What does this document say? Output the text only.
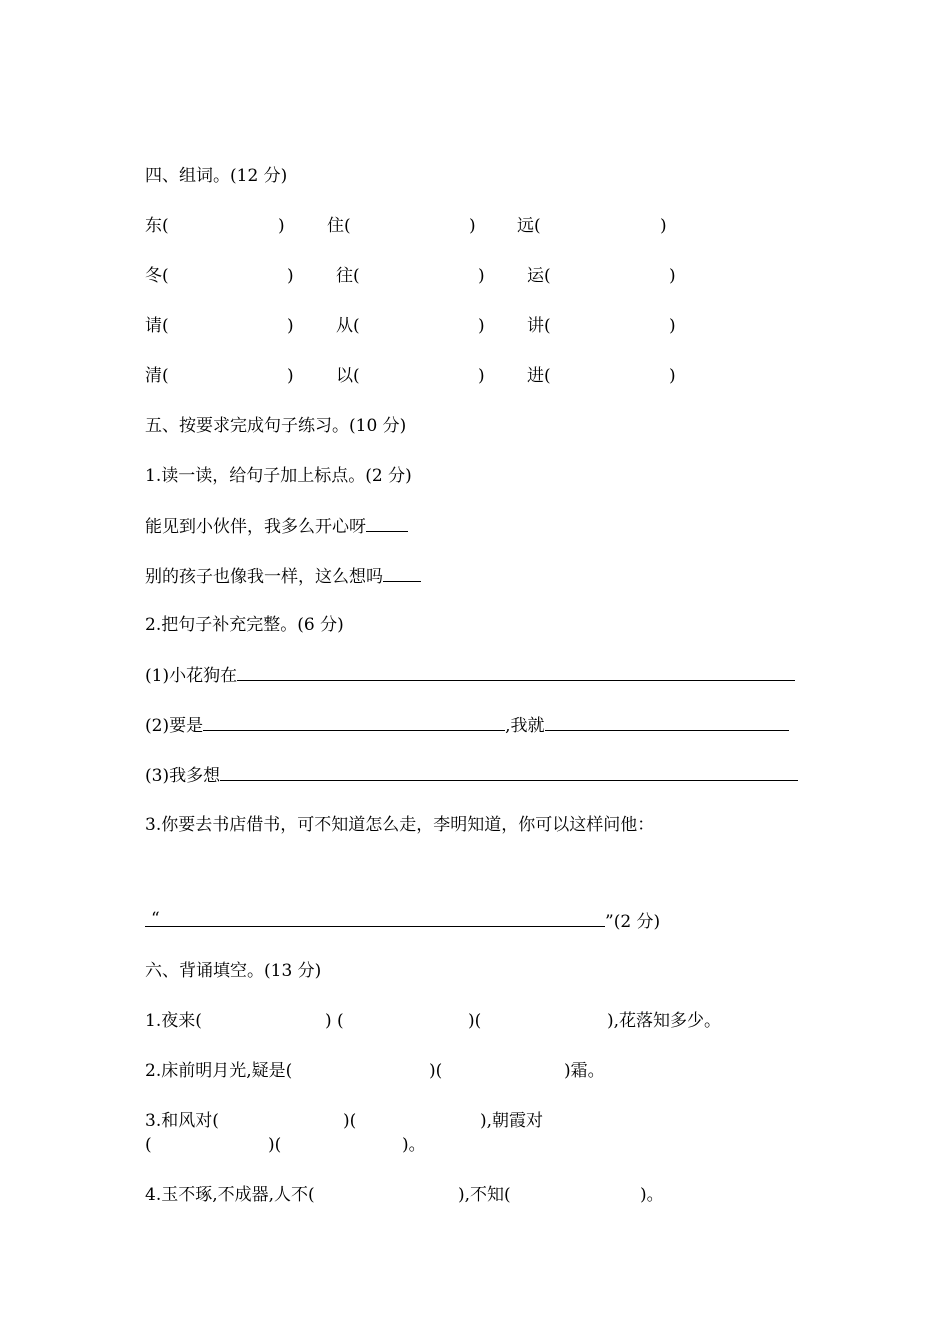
四、组词。(12 分)
东(	) 住(	) 远(	)
冬(	) 往(	) 运(	)
请(	) 从(	) 讲(	)
清(	) 以(	) 进(	)
五、按要求完成句子练习。(10 分)
1.读一读，给句子加上标点。(2 分)
能见到小伙伴，我多么开心呀
别的孩子也像我一样，这么想吗
2.把句子补充完整。(6 分)
(1)小花狗在
(2)要是	,我就
(3)我多想
3.你要去书店借书，可不知道怎么走，李明知道，你可以这样问他：
“	”(2 分)
六、背诵填空。(13 分)
1.夜来(	) (	)(	),花落知多少。
2.床前明月光,疑是(	)(	)霜。
3.和风对(	)(	),朝霞对
(	)(	)。
4.玉不琢,不成器,人不(	),不知(	)。
